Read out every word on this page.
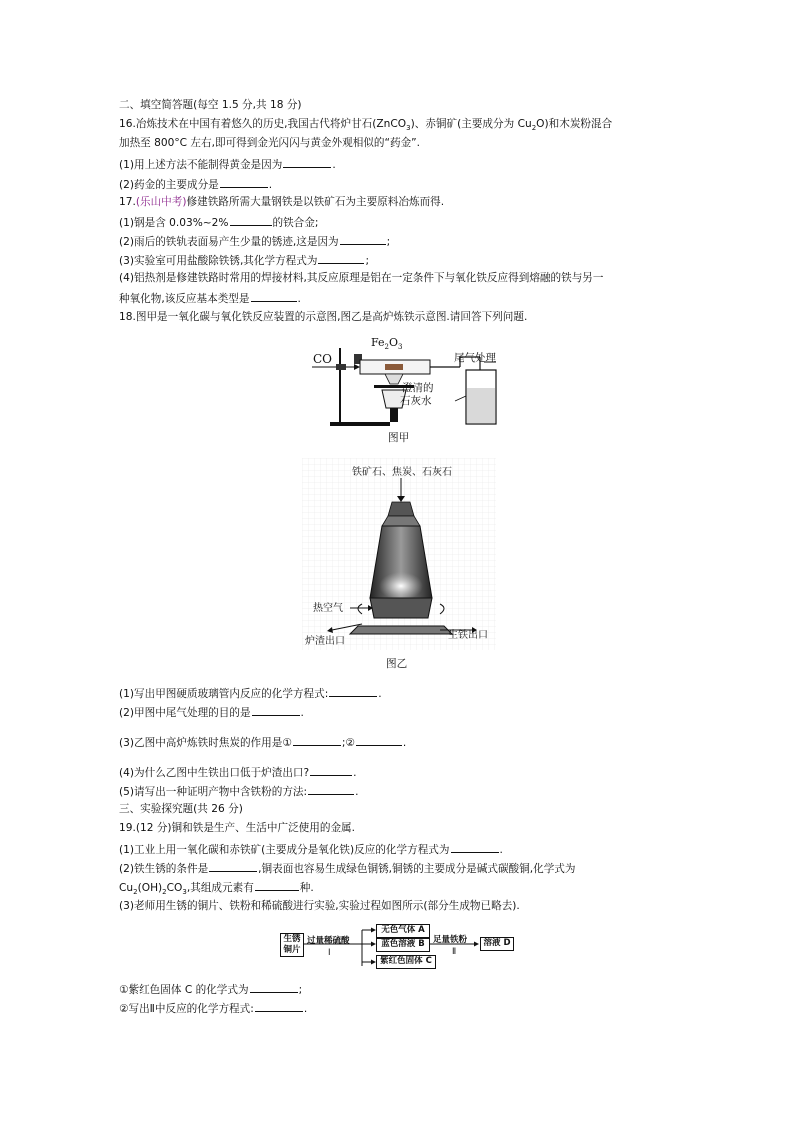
二、填空简答题(每空 1.5 分,共 18 分)
16.冶炼技术在中国有着悠久的历史,我国古代将炉甘石(ZnCO$_3$)、赤铜矿(主要成分为 $Cu_2O$)和木炭粉混合
加热至 800°C 左右,即可得到金光闪闪与黄金外观相似的“药金”.
(1)用上述方法不能制得黄金是因为	.
(2)药金的主要成分是	.
17.(乐山中考)修建铁路所需大量钢铁是以铁矿石为主要原料冶炼而得.
(1)钢是含 0.03%~2%	的铁合金;
(2)雨后的铁轨表面易产生少量的锈迹,这是因为	;
(3)实验室可用盐酸除铁锈,其化学方程式为	;
(4)铝热剂是修建铁路时常用的焊接材料,其反应原理是铝在一定条件下与氧化铁反应得到熔融的铁与另一
种氧化物,该反应基本类型是	.
18.图甲是一氧化碳与氧化铁反应装置的示意图,图乙是高炉炼铁示意图.请回答下列问题.
CO
$Fe_2O_3$
尾气处理
澄清的
石灰水
图甲
铁矿石、焦炭、石灰石
热空气
炉渣出口
生铁出口
图乙
(1)写出甲图硬质玻璃管内反应的化学方程式:	.
(2)甲图中尾气处理的目的是	.
(3)乙图中高炉炼铁时焦炭的作用是①	;②	.
(4)为什么乙图中生铁出口低于炉渣出口?	.
(5)请写出一种证明产物中含铁粉的方法:	.
三、实验探究题(共 26 分)
19.(12 分)铜和铁是生产、生活中广泛使用的金属.
(1)工业上用一氧化碳和赤铁矿(主要成分是氧化铁)反应的化学方程式为	.
(2)铁生锈的条件是	,铜表面也容易生成绿色铜锈,铜锈的主要成分是碱式碳酸铜,化学式为
$Cu_2(OH)_2CO_3$,其组成元素有	种.
(3)老师用生锈的铜片、铁粉和稀硫酸进行实验,实验过程如图所示(部分生成物已略去).
生锈
铜片
过量稀硫酸
Ⅰ
无色气体 A
蓝色溶液 B
紫红色固体 C
足量铁粉
Ⅱ
溶液 D
①紫红色固体 C 的化学式为	;
②写出Ⅱ中反应的化学方程式:	.
